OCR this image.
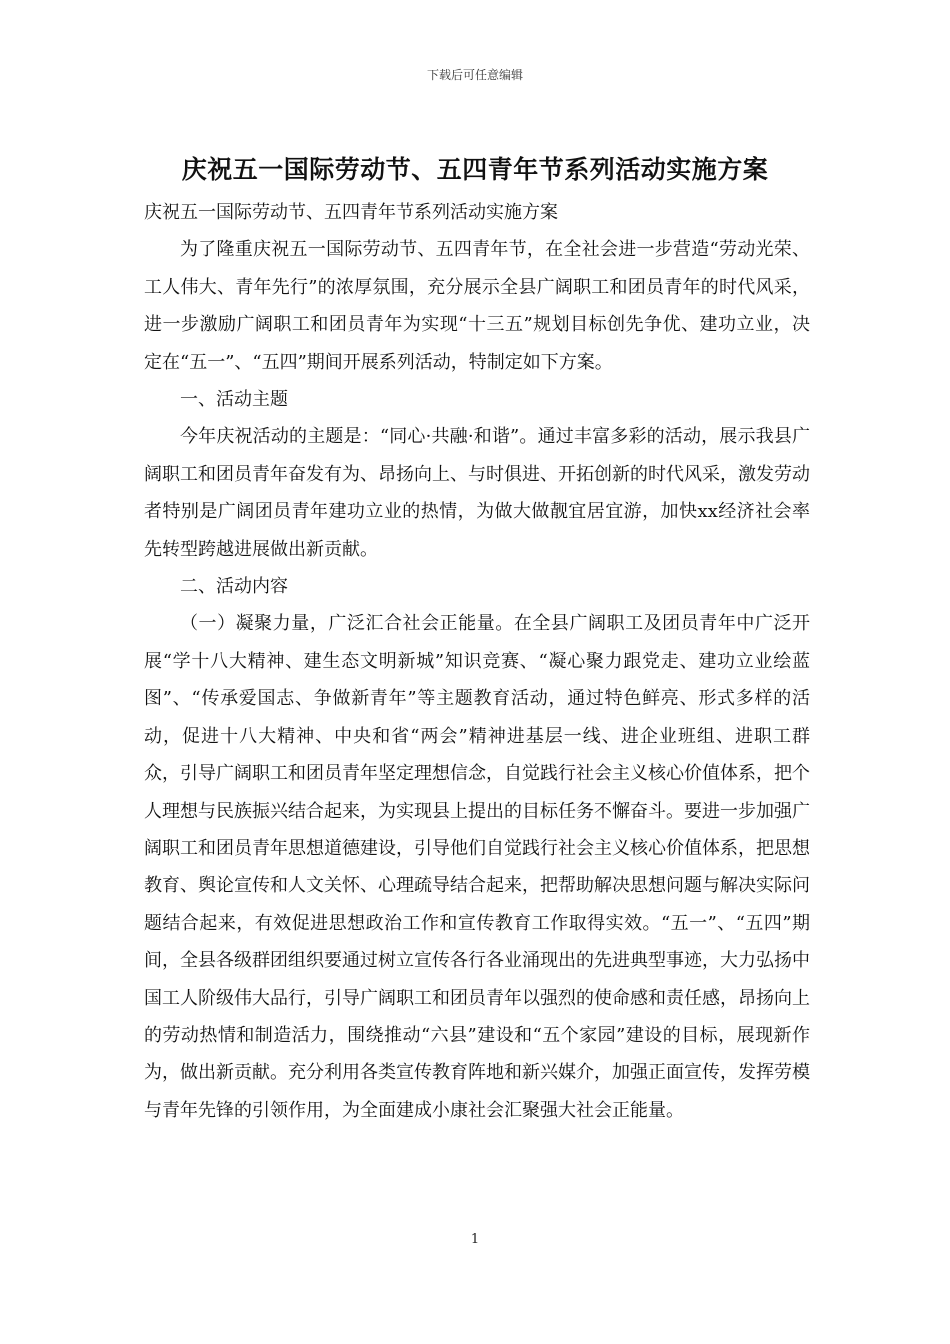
下载后可任意编辑
庆祝五一国际劳动节、五四青年节系列活动实施方案

庆祝五一国际劳动节、五四青年节系列活动实施方案

为了隆重庆祝五一国际劳动节、五四青年节，在全社会进一步营造“劳动光荣、工人伟大、青年先行”的浓厚氛围，充分展示全县广阔职工和团员青年的时代风采，进一步激励广阔职工和团员青年为实现“十三五”规划目标创先争优、建功立业，决定在“五一”、“五四”期间开展系列活动，特制定如下方案。

一、活动主题

今年庆祝活动的主题是：“同心·共融·和谐”。通过丰富多彩的活动，展示我县广阔职工和团员青年奋发有为、昂扬向上、与时俱进、开拓创新的时代风采，激发劳动者特别是广阔团员青年建功立业的热情，为做大做靓宜居宜游，加快xx经济社会率先转型跨越进展做出新贡献。

二、活动内容

（一）凝聚力量，广泛汇合社会正能量。在全县广阔职工及团员青年中广泛开展“学十八大精神、建生态文明新城”知识竞赛、“凝心聚力跟党走、建功立业绘蓝图”、“传承爱国志、争做新青年”等主题教育活动，通过特色鲜亮、形式多样的活动，促进十八大精神、中央和省“两会”精神进基层一线、进企业班组、进职工群众，引导广阔职工和团员青年坚定理想信念，自觉践行社会主义核心价值体系，把个人理想与民族振兴结合起来，为实现县上提出的目标任务不懈奋斗。要进一步加强广阔职工和团员青年思想道德建设，引导他们自觉践行社会主义核心价值体系，把思想教育、舆论宣传和人文关怀、心理疏导结合起来，把帮助解决思想问题与解决实际问题结合起来，有效促进思想政治工作和宣传教育工作取得实效。“五一”、“五四”期间，全县各级群团组织要通过树立宣传各行各业涌现出的先进典型事迹，大力弘扬中国工人阶级伟大品行，引导广阔职工和团员青年以强烈的使命感和责任感，昂扬向上的劳动热情和制造活力，围绕推动“六县”建设和“五个家园”建设的目标，展现新作为，做出新贡献。充分利用各类宣传教育阵地和新兴媒介，加强正面宣传，发挥劳模与青年先锋的引领作用，为全面建成小康社会汇聚强大社会正能量。

1
